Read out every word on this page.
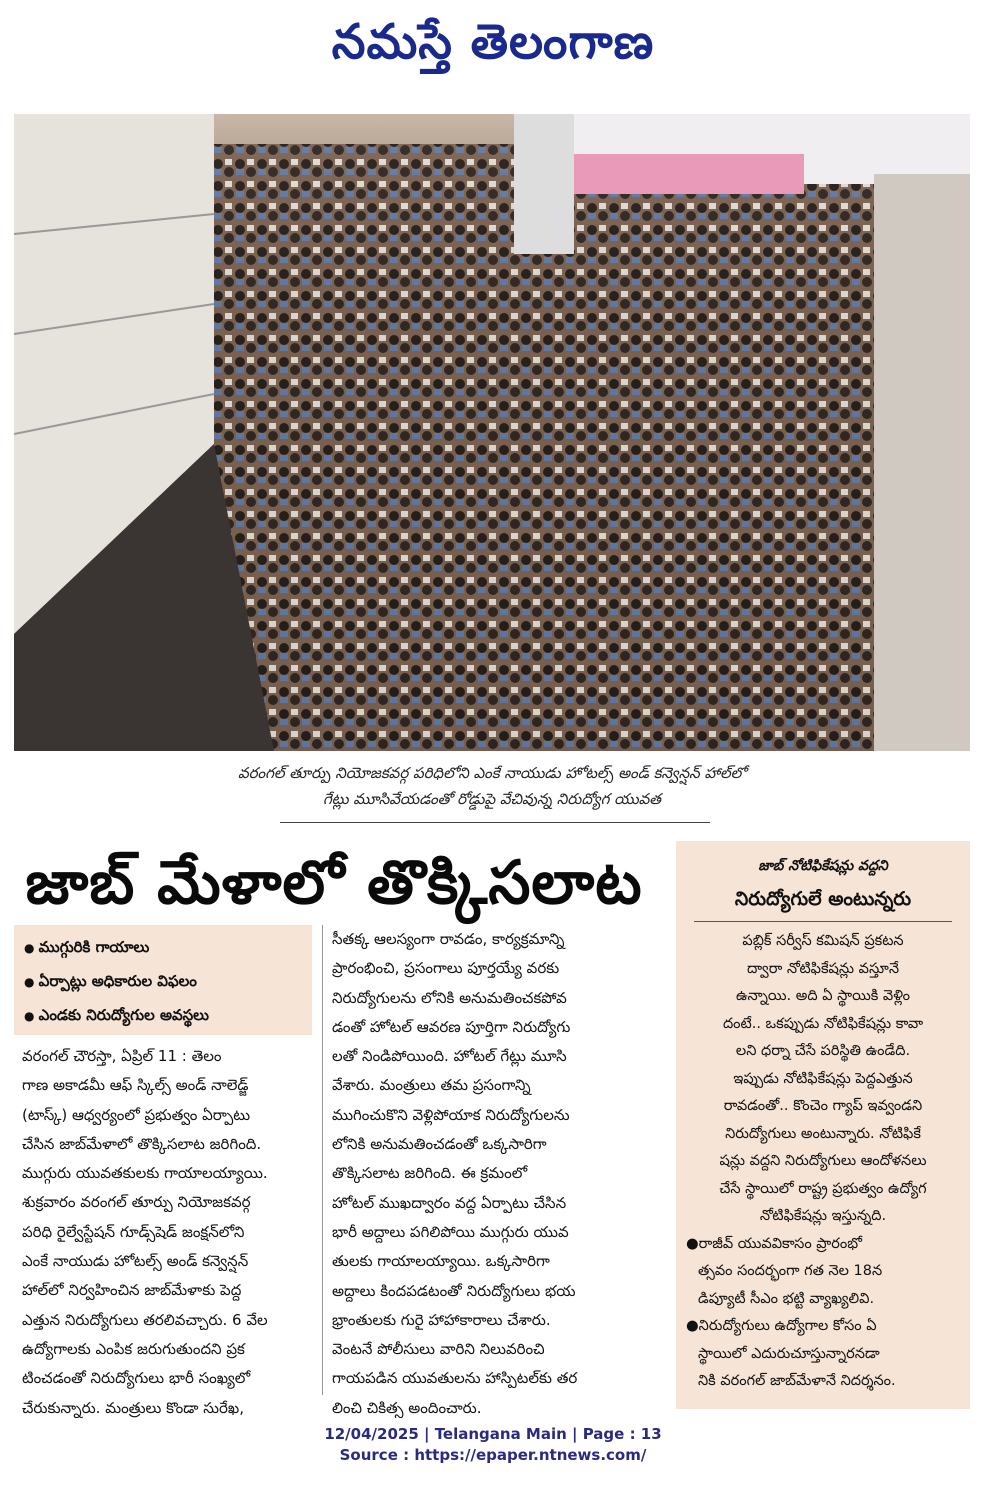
నమస్తే తెలంగాణ
వరంగల్ తూర్పు నియోజకవర్గ పరిధిలోని ఎంకే నాయుడు హోటల్స్ అండ్ కన్వెన్షన్ హాల్‌లో
గేట్లు మూసివేయడంతో రోడ్డుపై వేచివున్న నిరుద్యోగ యువత
జాబ్ మేళాలో తొక్కిసలాట
● ముగ్గురికి గాయాలు
● ఏర్పాట్లు అధికారుల విఫలం
● ఎండకు నిరుద్యోగుల అవస్థలు
వరంగల్ చౌరస్తా, ఏప్రిల్ 11 : తెలం
గాణ అకాడమీ ఆఫ్ స్కిల్స్ అండ్ నాలెడ్జ్
(టాస్క్) ఆధ్వర్యంలో ప్రభుత్వం ఏర్పాటు
చేసిన జాబ్‌మేళాలో తొక్కిసలాట జరిగింది.
ముగ్గురు యువతకులకు గాయాలయ్యాయి.
శుక్రవారం వరంగల్ తూర్పు నియోజకవర్గ
పరిధి రైల్వేస్టేషన్ గూడ్స్‌షెడ్ జంక్షన్‌లోని
ఎంకే నాయుడు హోటల్స్ అండ్ కన్వెన్షన్
హాల్‌లో నిర్వహించిన జాబ్‌మేళాకు పెద్ద
ఎత్తున నిరుద్యోగులు తరలివచ్చారు. 6 వేల
ఉద్యోగాలకు ఎంపిక జరుగుతుందని ప్రక
టించడంతో నిరుద్యోగులు భారీ సంఖ్యలో
చేరుకున్నారు. మంత్రులు కొండా సురేఖ,
సీతక్క ఆలస్యంగా రావడం, కార్యక్రమాన్ని
ప్రారంభించి, ప్రసంగాలు పూర్తయ్యే వరకు
నిరుద్యోగులను లోనికి అనుమతించకపోవ
డంతో హోటల్ ఆవరణ పూర్తిగా నిరుద్యోగు
లతో నిండిపోయింది. హోటల్ గేట్లు మూసి
వేశారు. మంత్రులు తమ ప్రసంగాన్ని
ముగించుకొని వెళ్లిపోయాక నిరుద్యోగులను
లోనికి అనుమతించడంతో ఒక్కసారిగా
తొక్కిసలాట జరిగింది. ఈ క్రమంలో
హోటల్ ముఖద్వారం వద్ద ఏర్పాటు చేసిన
భారీ అద్దాలు పగిలిపోయి ముగ్గురు యువ
తులకు గాయాలయ్యాయి. ఒక్కసారిగా
అద్దాలు కిందపడటంతో నిరుద్యోగులు భయ
భ్రాంతులకు గురై హాహాకారాలు చేశారు.
వెంటనే పోలీసులు వారిని నిలువరించి
గాయపడిన యువతులను హాస్పిటల్‌కు తర
లించి చికిత్స అందించారు.
జాబ్ నోటిఫికేషన్లు వద్దని
నిరుద్యోగులే అంటున్నరు
పబ్లిక్ సర్వీస్ కమిషన్ ప్రకటన
ద్వారా నోటిఫికేషన్లు వస్తూనే
ఉన్నాయి. అది ఏ స్థాయికి వెళ్లిం
దంటే.. ఒకప్పుడు నోటిఫికేషన్లు కావా
లని ధర్నా చేసే పరిస్థితి ఉండేది.
ఇప్పుడు నోటిఫికేషన్లు పెద్దఎత్తున
రావడంతో.. కొంచెం గ్యాప్ ఇవ్వండని
నిరుద్యోగులు అంటున్నారు. నోటిఫికే
షన్లు వద్దని నిరుద్యోగులు ఆందోళనలు
చేసే స్థాయిలో రాష్ట్ర ప్రభుత్వం ఉద్యోగ
నోటిఫికేషన్లు ఇస్తున్నది.
● రాజీవ్ యువవికాసం ప్రారంభో
త్సవం సందర్భంగా గత నెల 18న
డిప్యూటీ సీఎం భట్టి వ్యాఖ్యలివి.
● నిరుద్యోగులు ఉద్యోగాల కోసం ఏ
స్థాయిలో ఎదురుచూస్తున్నారనడా
నికి వరంగల్ జాబ్‌మేళానే నిదర్శనం.
12/04/2025 | Telangana Main | Page : 13
Source : https://epaper.ntnews.com/
